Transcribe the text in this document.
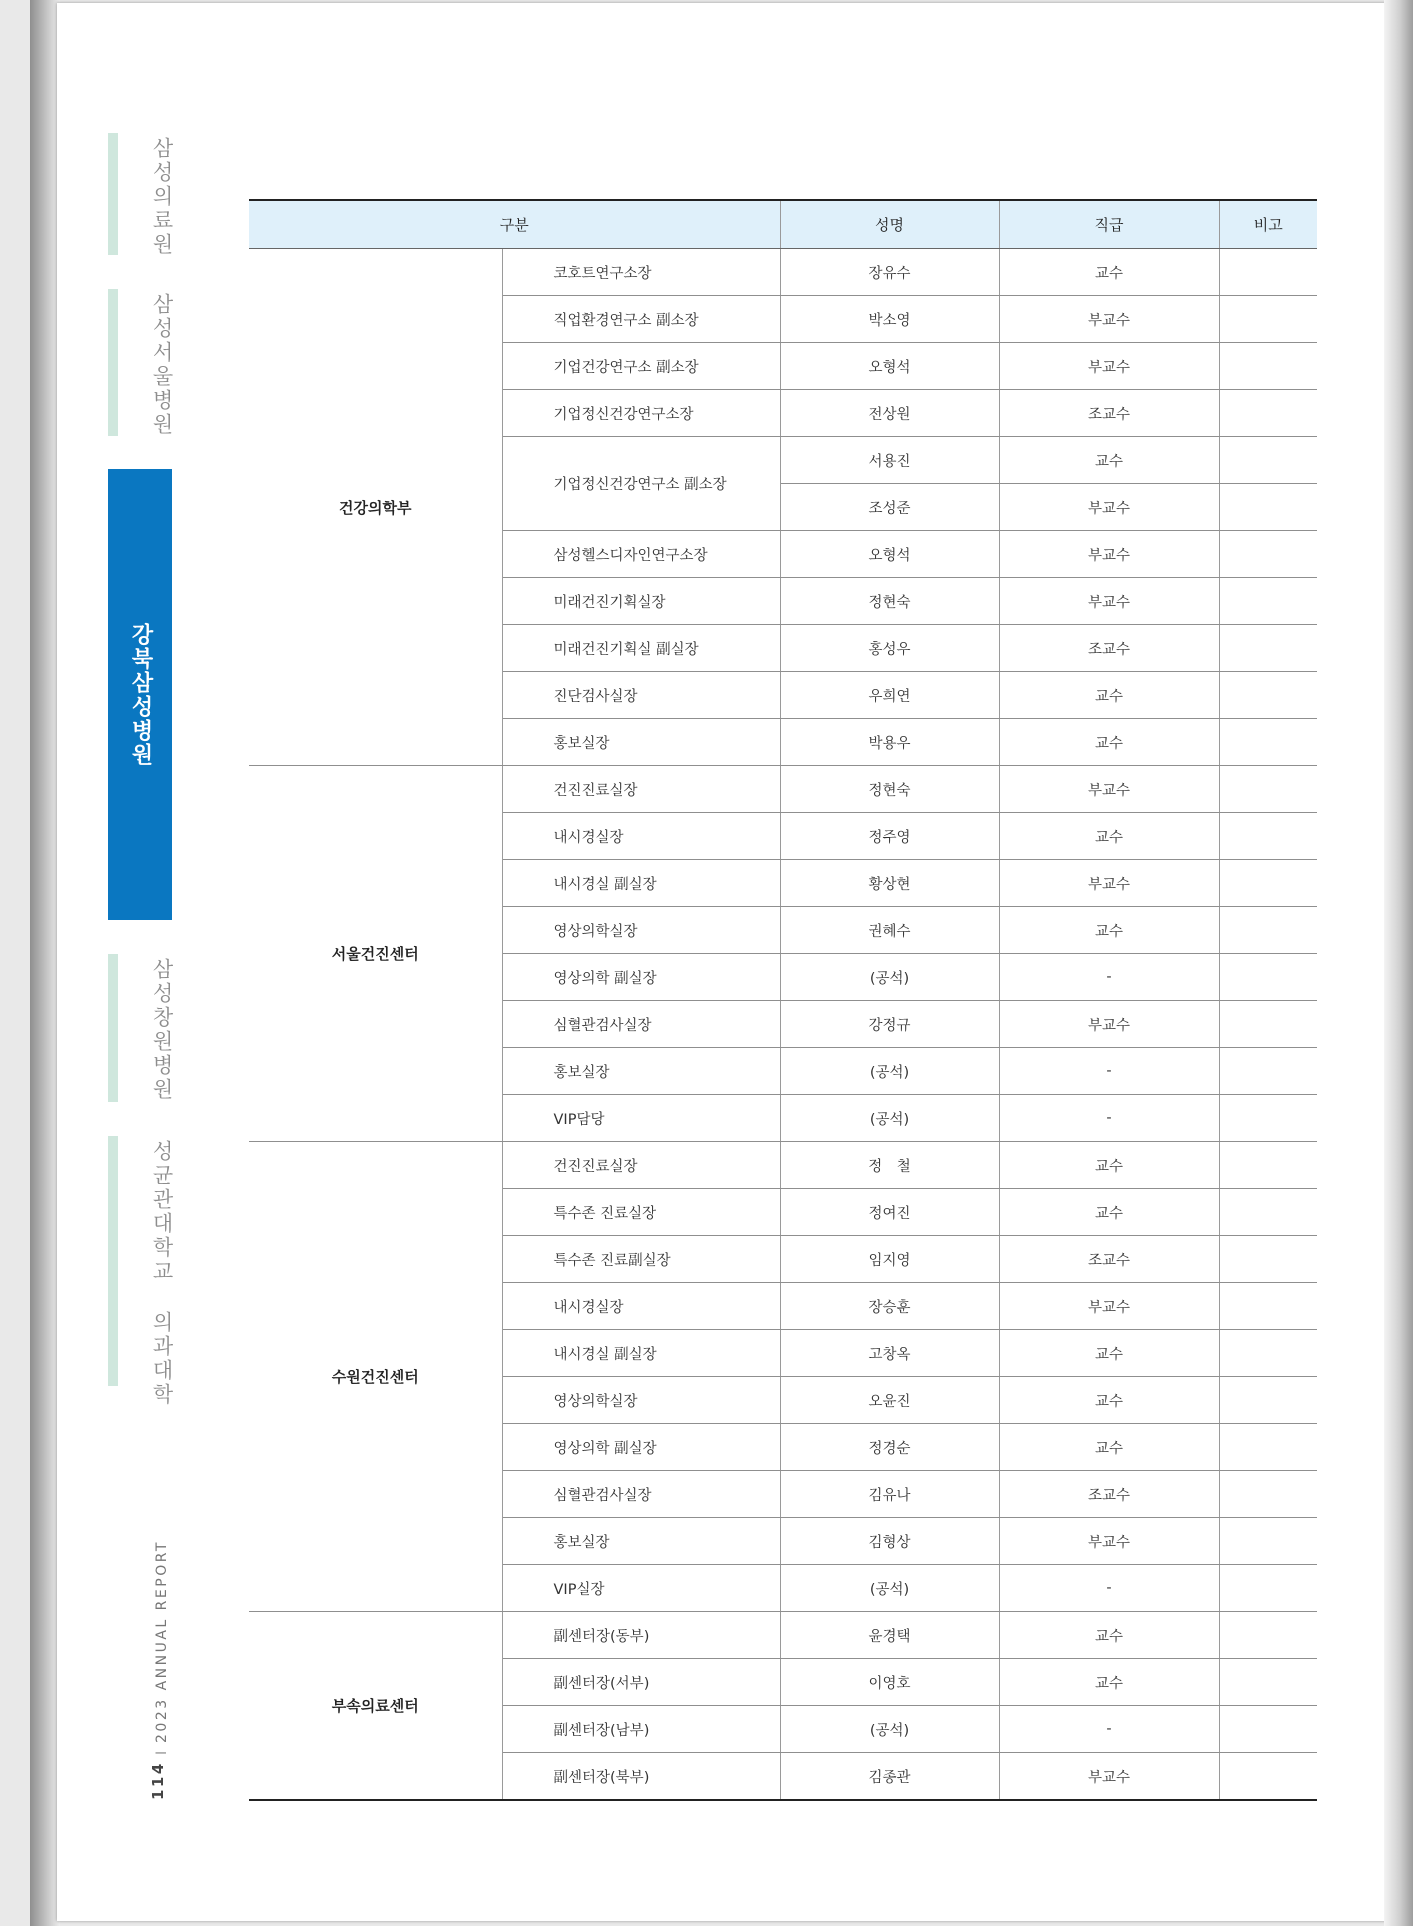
삼성의료원
삼성서울병원
강북삼성병원
삼성창원병원
성균관대학교 의과대학
114
I
2023 ANNUAL REPORT
구분		성명	직급	비고
건강의학부	코호트연구소장	장유수	교수	
	직업환경연구소 副소장	박소영	부교수	
	기업건강연구소 副소장	오형석	부교수	
	기업정신건강연구소장	전상원	조교수	
	기업정신건강연구소 副소장	서용진	교수	
		조성준	부교수	
	삼성헬스디자인연구소장	오형석	부교수	
	미래건진기획실장	정현숙	부교수	
	미래건진기획실 副실장	홍성우	조교수	
	진단검사실장	우희연	교수	
	홍보실장	박용우	교수	
서울건진센터	건진진료실장	정현숙	부교수	
	내시경실장	정주영	교수	
	내시경실 副실장	황상현	부교수	
	영상의학실장	권혜수	교수	
	영상의학 副실장	(공석)	-	
	심혈관검사실장	강정규	부교수	
	홍보실장	(공석)	-	
	VIP담당	(공석)	-	
수원건진센터	건진진료실장	정　철	교수	
	특수존 진료실장	정여진	교수	
	특수존 진료副실장	임지영	조교수	
	내시경실장	장승훈	부교수	
	내시경실 副실장	고창옥	교수	
	영상의학실장	오윤진	교수	
	영상의학 副실장	정경순	교수	
	심혈관검사실장	김유나	조교수	
	홍보실장	김형상	부교수	
	VIP실장	(공석)	-	
부속의료센터	副센터장(동부)	윤경택	교수	
	副센터장(서부)	이영호	교수	
	副센터장(남부)	(공석)	-	
	副센터장(북부)	김종관	부교수	
